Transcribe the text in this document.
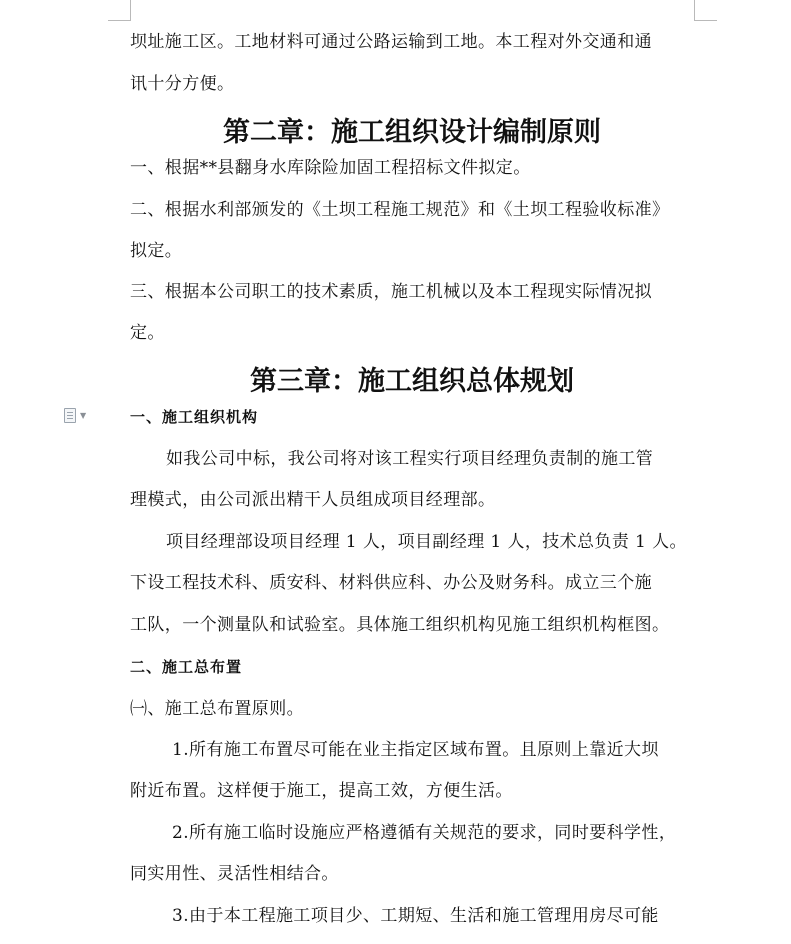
▼

坝址施工区。工地材料可通过公路运输到工地。本工程对外交通和通

讯十分方便。

第二章：施工组织设计编制原则

一、根据**县翻身水库除险加固工程招标文件拟定。

二、根据水利部颁发的《土坝工程施工规范》和《土坝工程验收标准》

拟定。

三、根据本公司职工的技术素质，施工机械以及本工程现实际情况拟

定。

第三章：施工组织总体规划

一、施工组织机构

如我公司中标，我公司将对该工程实行项目经理负责制的施工管

理模式，由公司派出精干人员组成项目经理部。

项目经理部设项目经理 1 人，项目副经理 1 人，技术总负责 1 人。

下设工程技术科、质安科、材料供应科、办公及财务科。成立三个施

工队，一个测量队和试验室。具体施工组织机构见施工组织机构框图。

二、施工总布置

㈠、施工总布置原则。

1.所有施工布置尽可能在业主指定区域布置。且原则上靠近大坝

附近布置。这样便于施工，提高工效，方便生活。

2.所有施工临时设施应严格遵循有关规范的要求，同时要科学性，

同实用性、灵活性相结合。

3.由于本工程施工项目少、工期短、生活和施工管理用房尽可能
